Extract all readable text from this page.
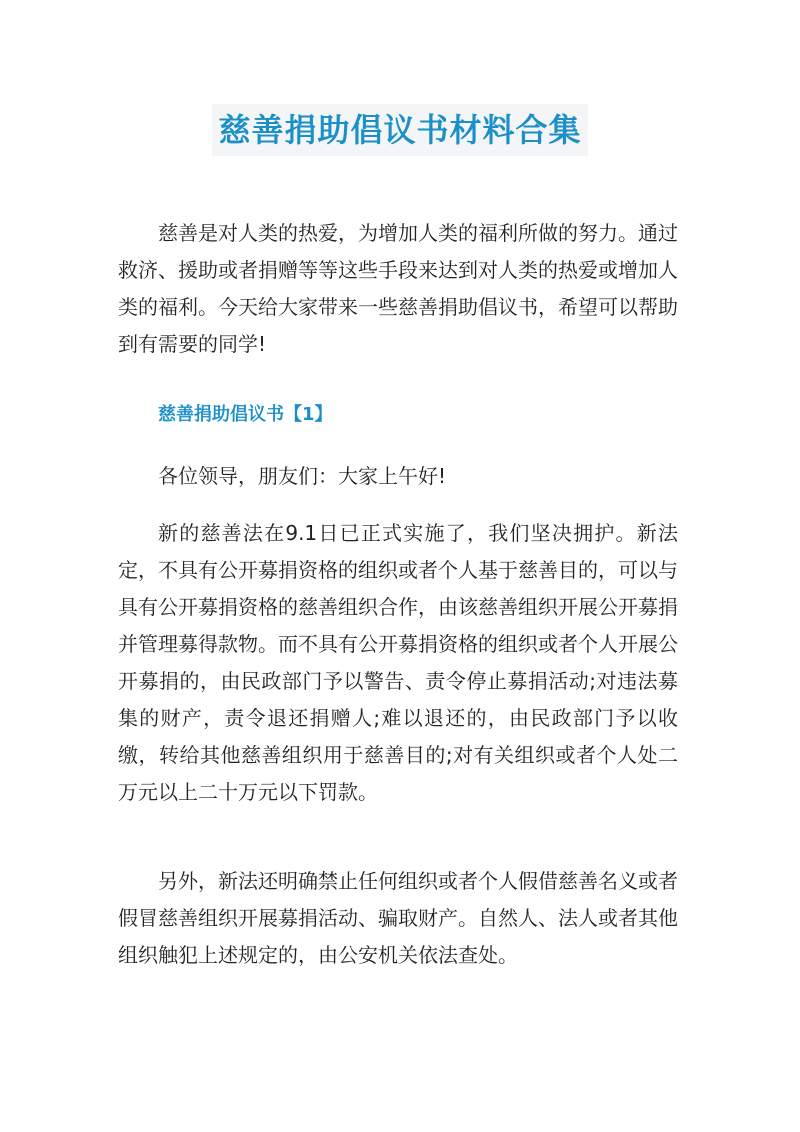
慈善捐助倡议书材料合集

慈善是对人类的热爱，为增加人类的福利所做的努力。通过救济、援助或者捐赠等等这些手段来达到对人类的热爱或增加人类的福利。今天给大家带来一些慈善捐助倡议书，希望可以帮助到有需要的同学!

慈善捐助倡议书【1】

各位领导，朋友们：大家上午好!

新的慈善法在9.1日已正式实施了，我们坚决拥护。新法定，不具有公开募捐资格的组织或者个人基于慈善目的，可以与具有公开募捐资格的慈善组织合作，由该慈善组织开展公开募捐并管理募得款物。而不具有公开募捐资格的组织或者个人开展公开募捐的，由民政部门予以警告、责令停止募捐活动;对违法募集的财产，责令退还捐赠人;难以退还的，由民政部门予以收缴，转给其他慈善组织用于慈善目的;对有关组织或者个人处二万元以上二十万元以下罚款。

另外，新法还明确禁止任何组织或者个人假借慈善名义或者假冒慈善组织开展募捐活动、骗取财产。自然人、法人或者其他组织触犯上述规定的，由公安机关依法查处。
